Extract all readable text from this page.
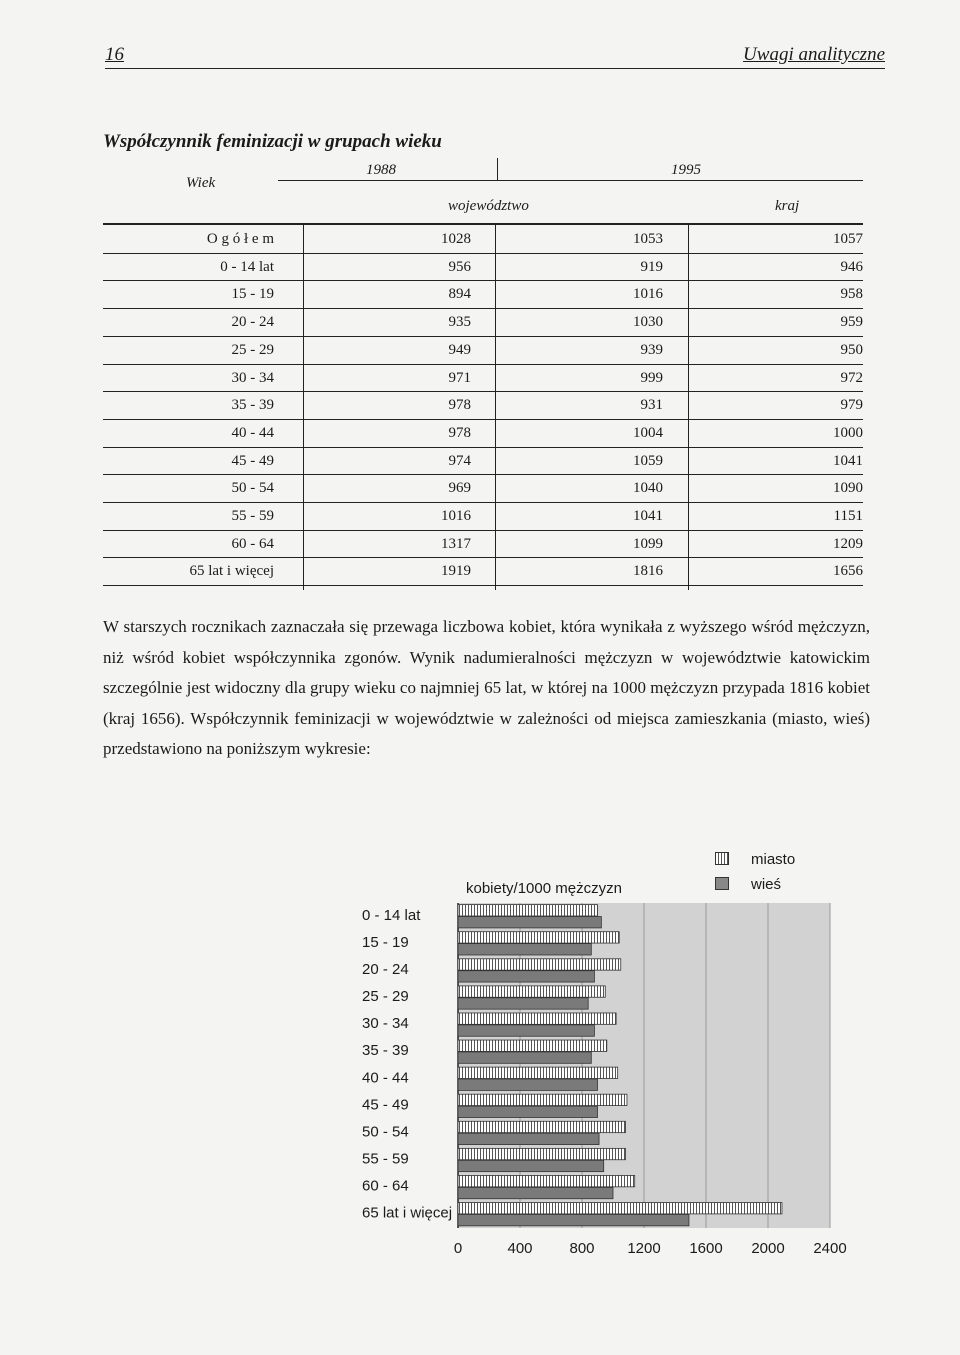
16	Uwagi analityczne
Współczynnik feminizacji w grupach wieku
Wiek
1988	1995
województwo	kraj
O g ó ł e m	1028	1053	1057
0 - 14 lat	956	919	946
15 - 19	894	1016	958
20 - 24	935	1030	959
25 - 29	949	939	950
30 - 34	971	999	972
35 - 39	978	931	979
40 - 44	978	1004	1000
45 - 49	974	1059	1041
50 - 54	969	1040	1090
55 - 59	1016	1041	1151
60 - 64	1317	1099	1209
65 lat i więcej	1919	1816	1656
W starszych rocznikach zaznaczała się przewaga liczbowa kobiet, która wynikała z wyższego wśród mężczyzn, niż wśród kobiet współczynnika zgonów. Wynik nadumieralności mężczyzn w województwie katowickim szczególnie jest widoczny dla grupy wieku co najmniej 65 lat, w której na 1000 mężczyzn przypada 1816 kobiet (kraj 1656). Współczynnik feminizacji w województwie w zależności od miejsca zamieszkania (miasto, wieś) przedstawiono na poniższym wykresie:
0 - 14 lat
15 - 19
20 - 24
25 - 29
30 - 34
35 - 39
40 - 44
45 - 49
50 - 54
55 - 59
60 - 64
65 lat i więcej
0	400 800 1200 1600 2000 2400
kobiety/1000 mężczyzn
miasto
wieś
